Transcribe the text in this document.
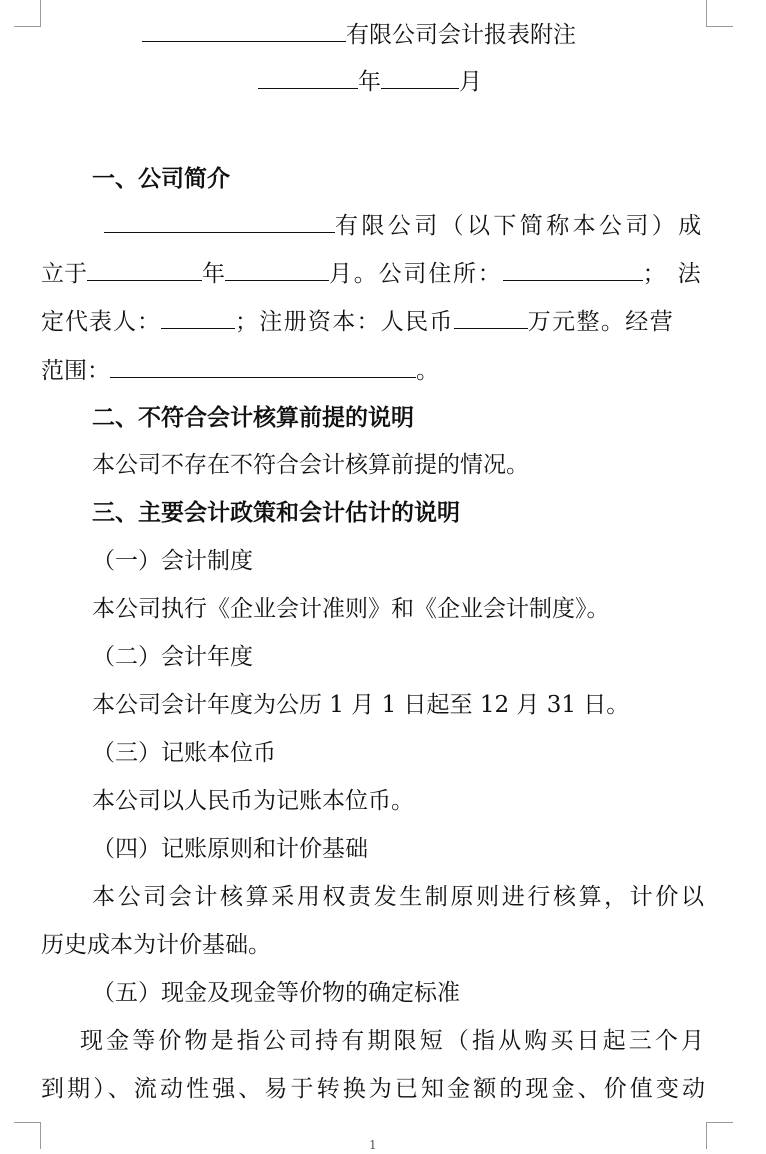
有限公司会计报表附注
年	月
一、公司简介
有限公司（以下简称本公司）成
立于	年	月。公司住所：	；法
定代表人：	；注册资本：人民币	万元整。经营
范围：	。
二、不符合会计核算前提的说明
本公司不存在不符合会计核算前提的情况。
三、主要会计政策和会计估计的说明
（一）会计制度
本公司执行《企业会计准则》和《企业会计制度》。
（二）会计年度
本公司会计年度为公历 1 月 1 日起至 12 月 31 日。
（三）记账本位币
本公司以人民币为记账本位币。
（四）记账原则和计价基础
本公司会计核算采用权责发生制原则进行核算，计价以
历史成本为计价基础。
（五）现金及现金等价物的确定标准
现金等价物是指公司持有期限短（指从购买日起三个月
到期）、流动性强、易于转换为已知金额的现金、价值变动
1
